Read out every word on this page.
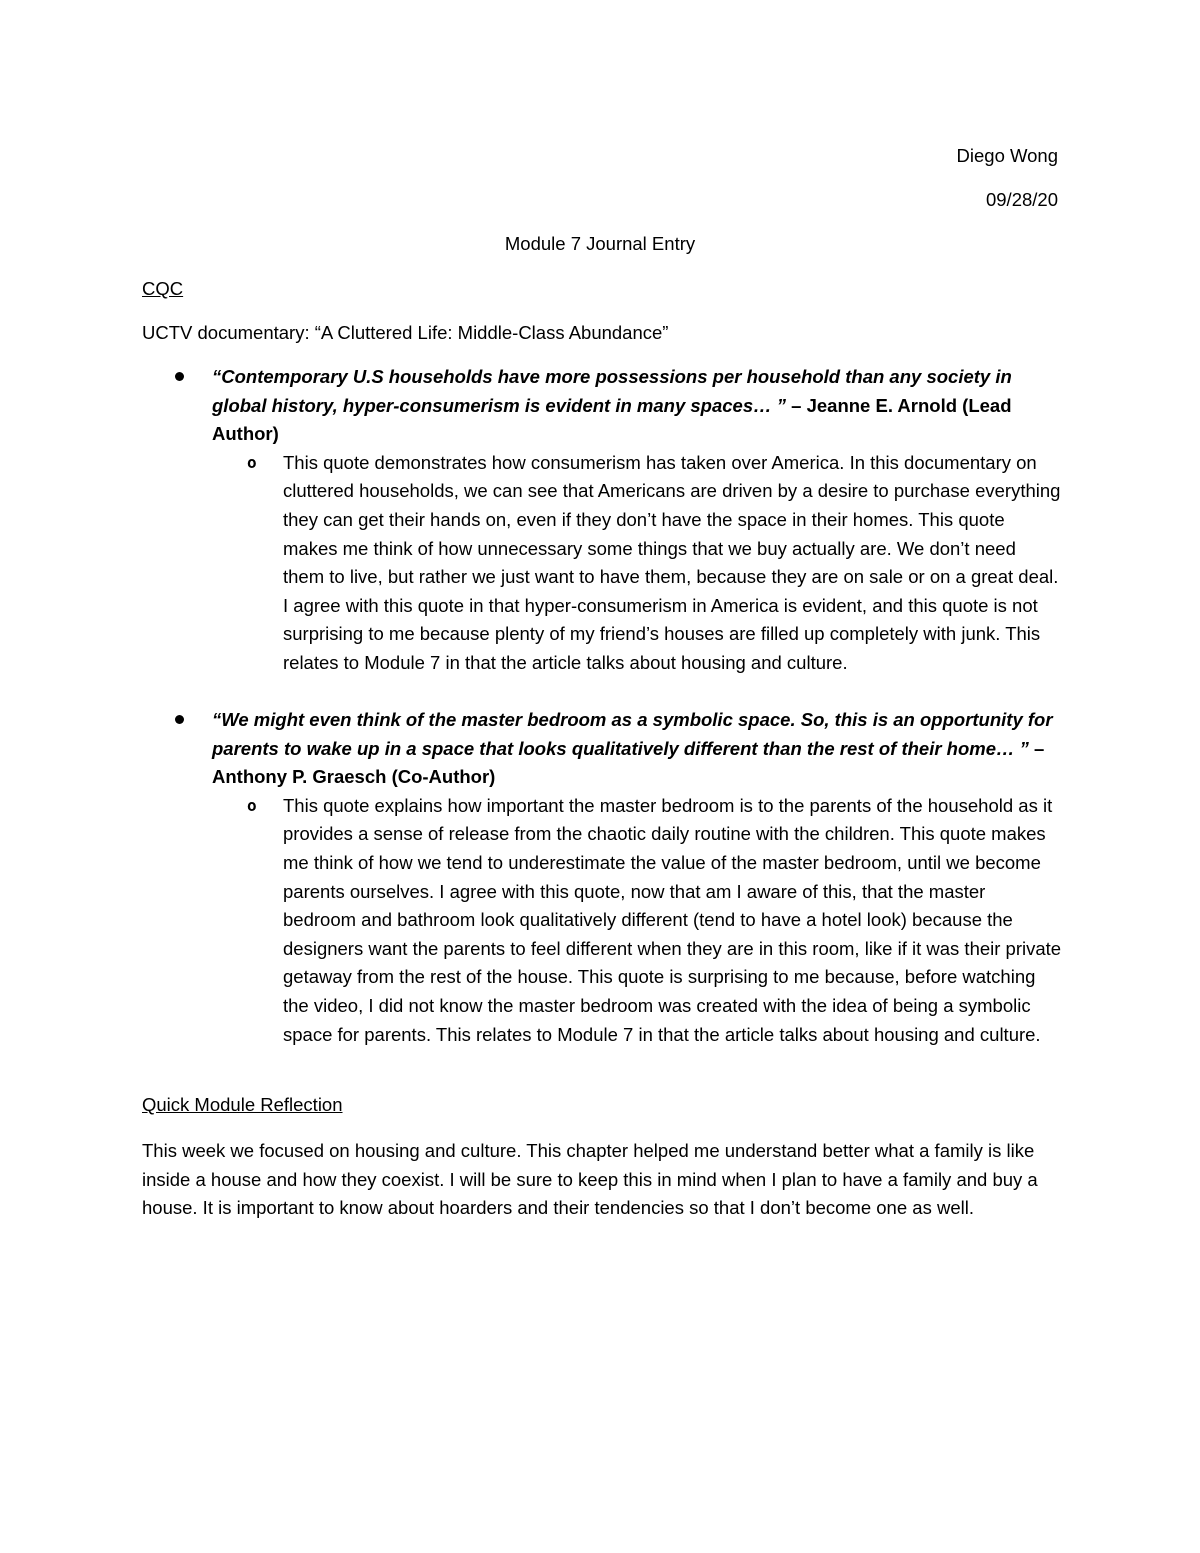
Diego Wong
09/28/20
Module 7 Journal Entry
CQC
UCTV documentary: “A Cluttered Life: Middle-Class Abundance”
“Contemporary U.S households have more possessions per household than any society in global history, hyper-consumerism is evident in many spaces… ” – Jeanne E. Arnold (Lead Author)
o This quote demonstrates how consumerism has taken over America. In this documentary on cluttered households, we can see that Americans are driven by a desire to purchase everything they can get their hands on, even if they don’t have the space in their homes. This quote makes me think of how unnecessary some things that we buy actually are. We don’t need them to live, but rather we just want to have them, because they are on sale or on a great deal. I agree with this quote in that hyper-consumerism in America is evident, and this quote is not surprising to me because plenty of my friend’s houses are filled up completely with junk. This relates to Module 7 in that the article talks about housing and culture.
“We might even think of the master bedroom as a symbolic space. So, this is an opportunity for parents to wake up in a space that looks qualitatively different than the rest of their home… ” – Anthony P. Graesch (Co-Author)
o This quote explains how important the master bedroom is to the parents of the household as it provides a sense of release from the chaotic daily routine with the children. This quote makes me think of how we tend to underestimate the value of the master bedroom, until we become parents ourselves. I agree with this quote, now that am I aware of this, that the master bedroom and bathroom look qualitatively different (tend to have a hotel look) because the designers want the parents to feel different when they are in this room, like if it was their private getaway from the rest of the house. This quote is surprising to me because, before watching the video, I did not know the master bedroom was created with the idea of being a symbolic space for parents. This relates to Module 7 in that the article talks about housing and culture.
Quick Module Reflection
This week we focused on housing and culture. This chapter helped me understand better what a family is like inside a house and how they coexist. I will be sure to keep this in mind when I plan to have a family and buy a house. It is important to know about hoarders and their tendencies so that I don’t become one as well.
